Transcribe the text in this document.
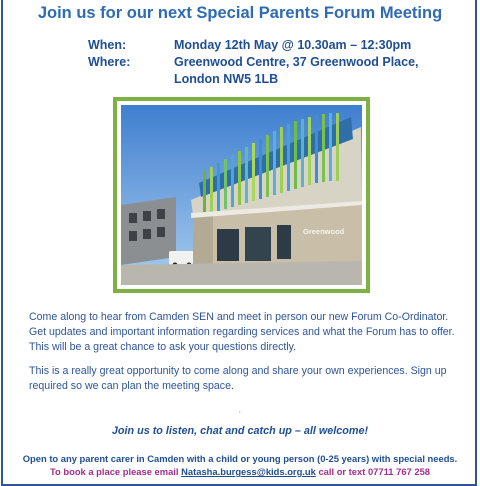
Join us for our next Special Parents Forum Meeting
When:	Monday 12th May @ 10.30am – 12:30pm
Where:	Greenwood Centre, 37 Greenwood Place,
London NW5 1LB
Greenwood
Come along to hear from Camden SEN and meet in person our new Forum Co-Ordinator. Get updates and important information regarding services and what the Forum has to offer. This will be a great chance to ask your questions directly.
This is a really great opportunity to come along and share your own experiences. Sign up required so we can plan the meeting space.
,
Join us to listen, chat and catch up – all welcome!
Open to any parent carer in Camden with a child or young person (0-25 years) with special needs.
To book a place please email Natasha.burgess@kids.org.uk call or text 07711 767 258
